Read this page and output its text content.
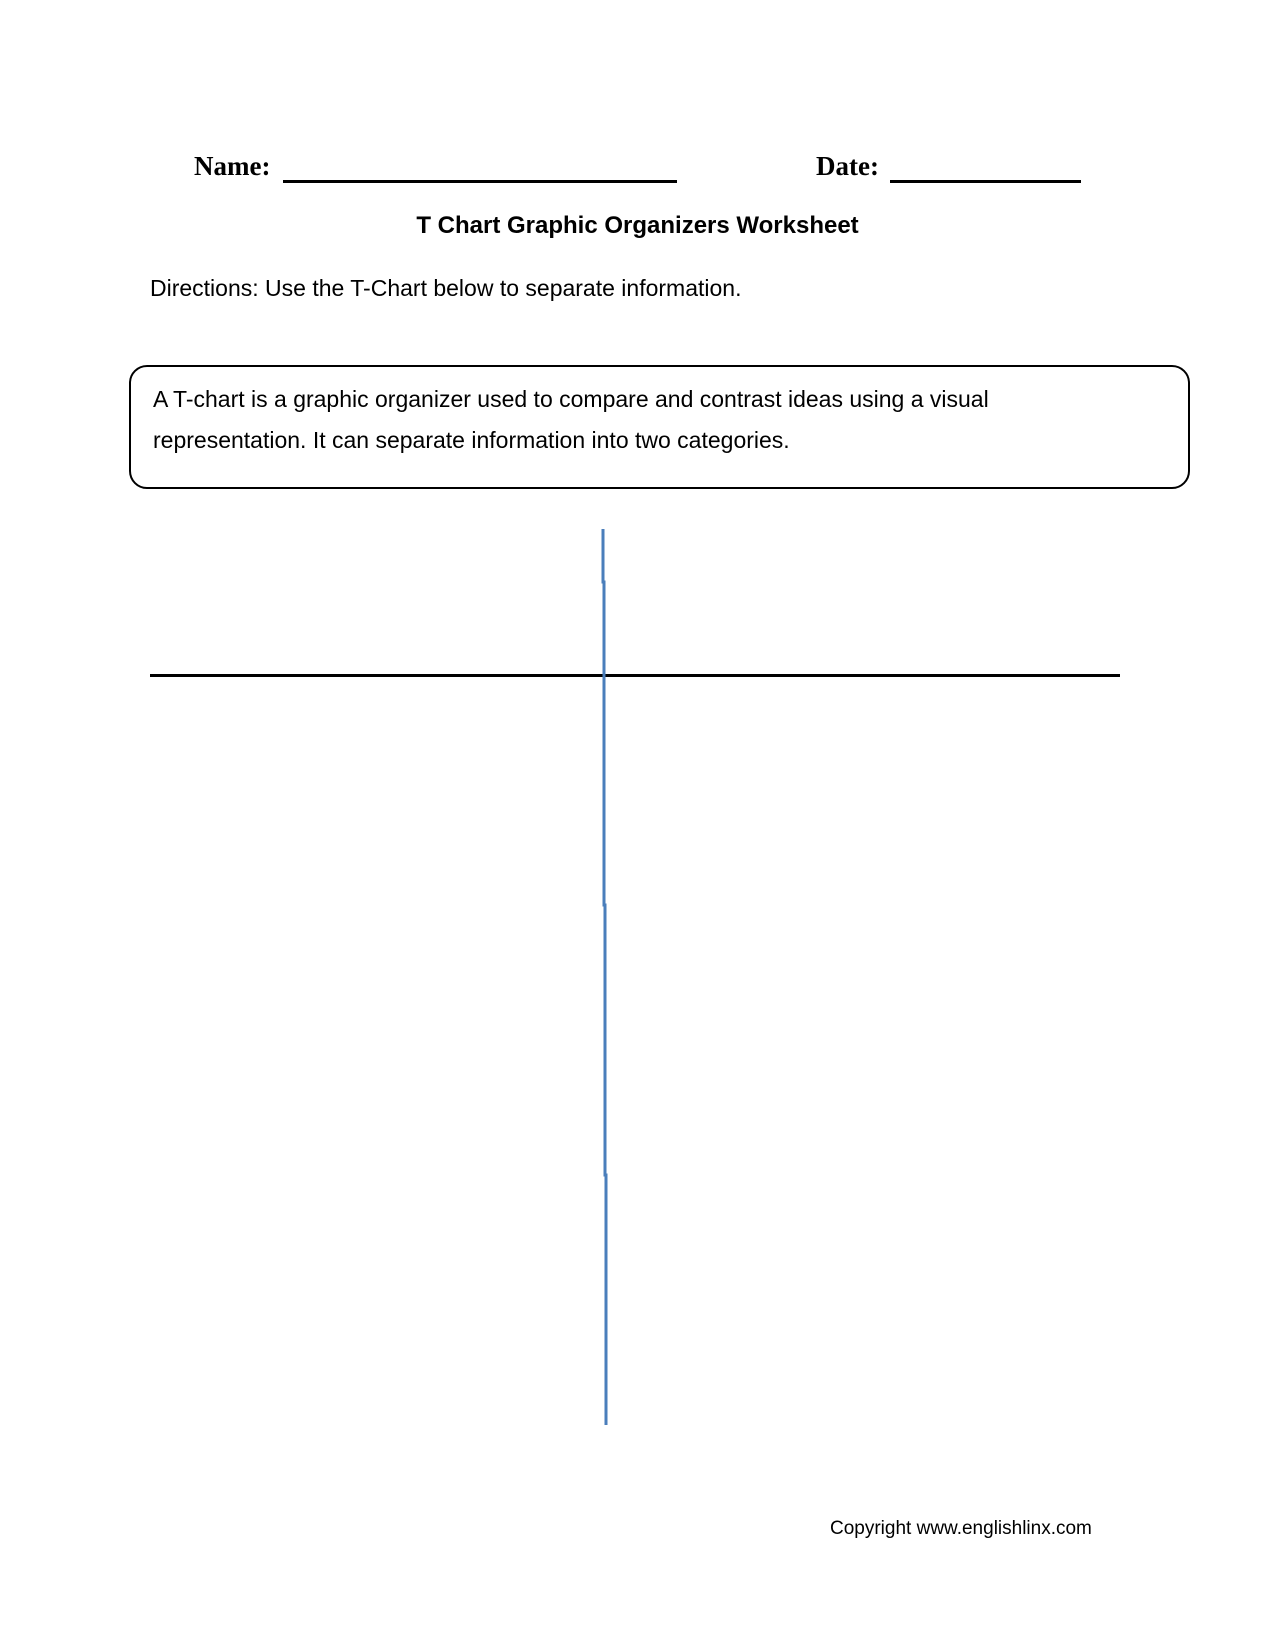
Name:	Date:
T Chart Graphic Organizers Worksheet
Directions: Use the T-Chart below to separate information.
A T-chart is a graphic organizer used to compare and contrast ideas using a visual
representation. It can separate information into two categories.
Copyright www.englishlinx.com
